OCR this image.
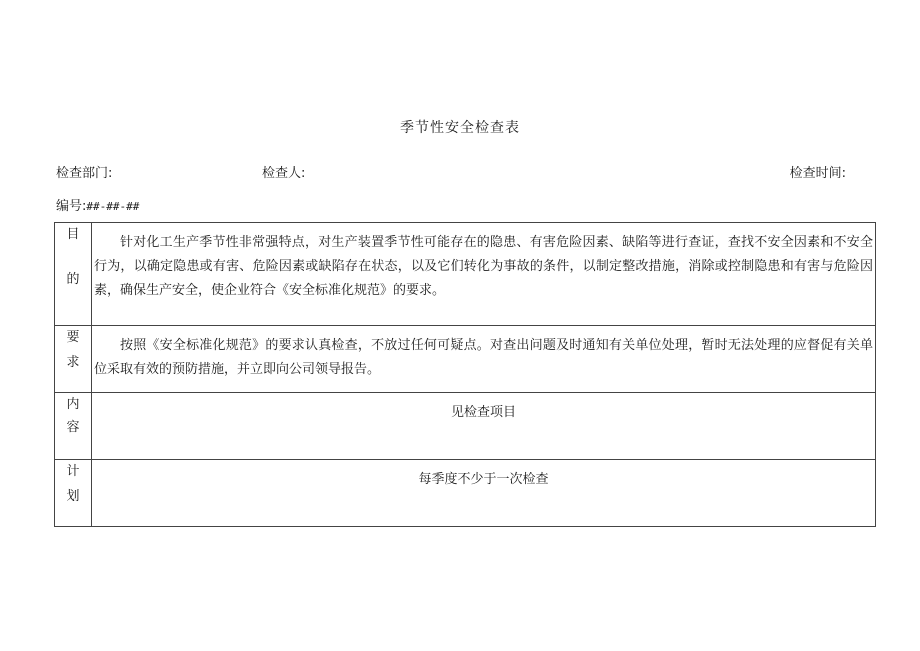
季节性安全检查表
检查部门:	检查人:	检查时间:
编号:##-##-##
目
的	针对化工生产季节性非常强特点，对生产装置季节性可能存在的隐患、有害危险因素、缺陷等进行查证，查找不安全因素和不安全行为，以确定隐患或有害、危险因素或缺陷存在状态，以及它们转化为事故的条件，以制定整改措施，消除或控制隐患和有害与危险因素，确保生产安全，使企业符合《安全标准化规范》的要求。

要
求	按照《安全标准化规范》的要求认真检查，不放过任何可疑点。对查出问题及时通知有关单位处理，暂时无法处理的应督促有关单位采取有效的预防措施，并立即向公司领导报告。

内
容	见检查项目

计
划	每季度不少于一次检查
